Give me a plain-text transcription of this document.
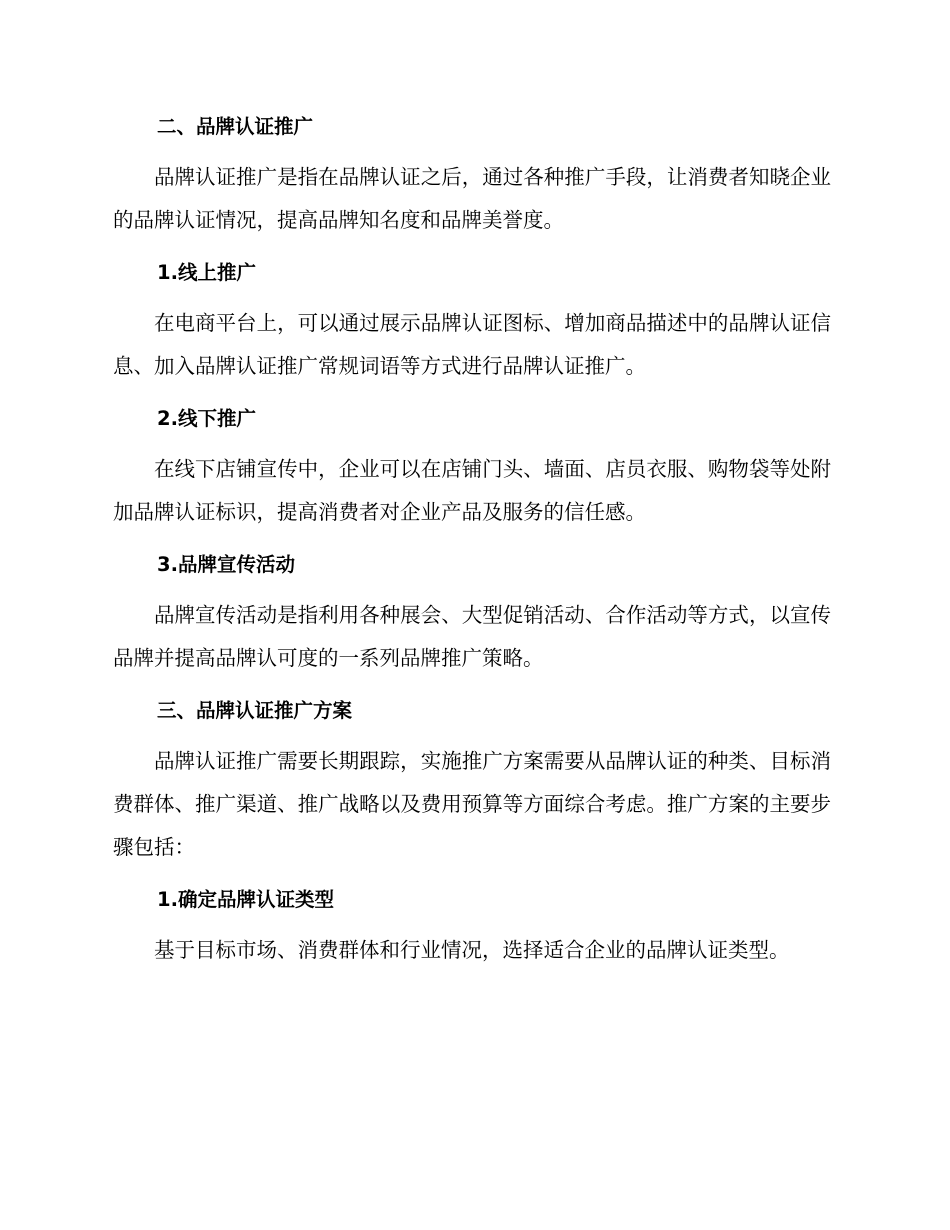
二、品牌认证推广

品牌认证推广是指在品牌认证之后，通过各种推广手段，让消费者知晓企业的品牌认证情况，提高品牌知名度和品牌美誉度。

1.线上推广

在电商平台上，可以通过展示品牌认证图标、增加商品描述中的品牌认证信息、加入品牌认证推广常规词语等方式进行品牌认证推广。

2.线下推广

在线下店铺宣传中，企业可以在店铺门头、墙面、店员衣服、购物袋等处附加品牌认证标识，提高消费者对企业产品及服务的信任感。

3.品牌宣传活动

品牌宣传活动是指利用各种展会、大型促销活动、合作活动等方式，以宣传品牌并提高品牌认可度的一系列品牌推广策略。

三、品牌认证推广方案

品牌认证推广需要长期跟踪，实施推广方案需要从品牌认证的种类、目标消费群体、推广渠道、推广战略以及费用预算等方面综合考虑。推广方案的主要步骤包括：

1.确定品牌认证类型

基于目标市场、消费群体和行业情况，选择适合企业的品牌认证类型。
